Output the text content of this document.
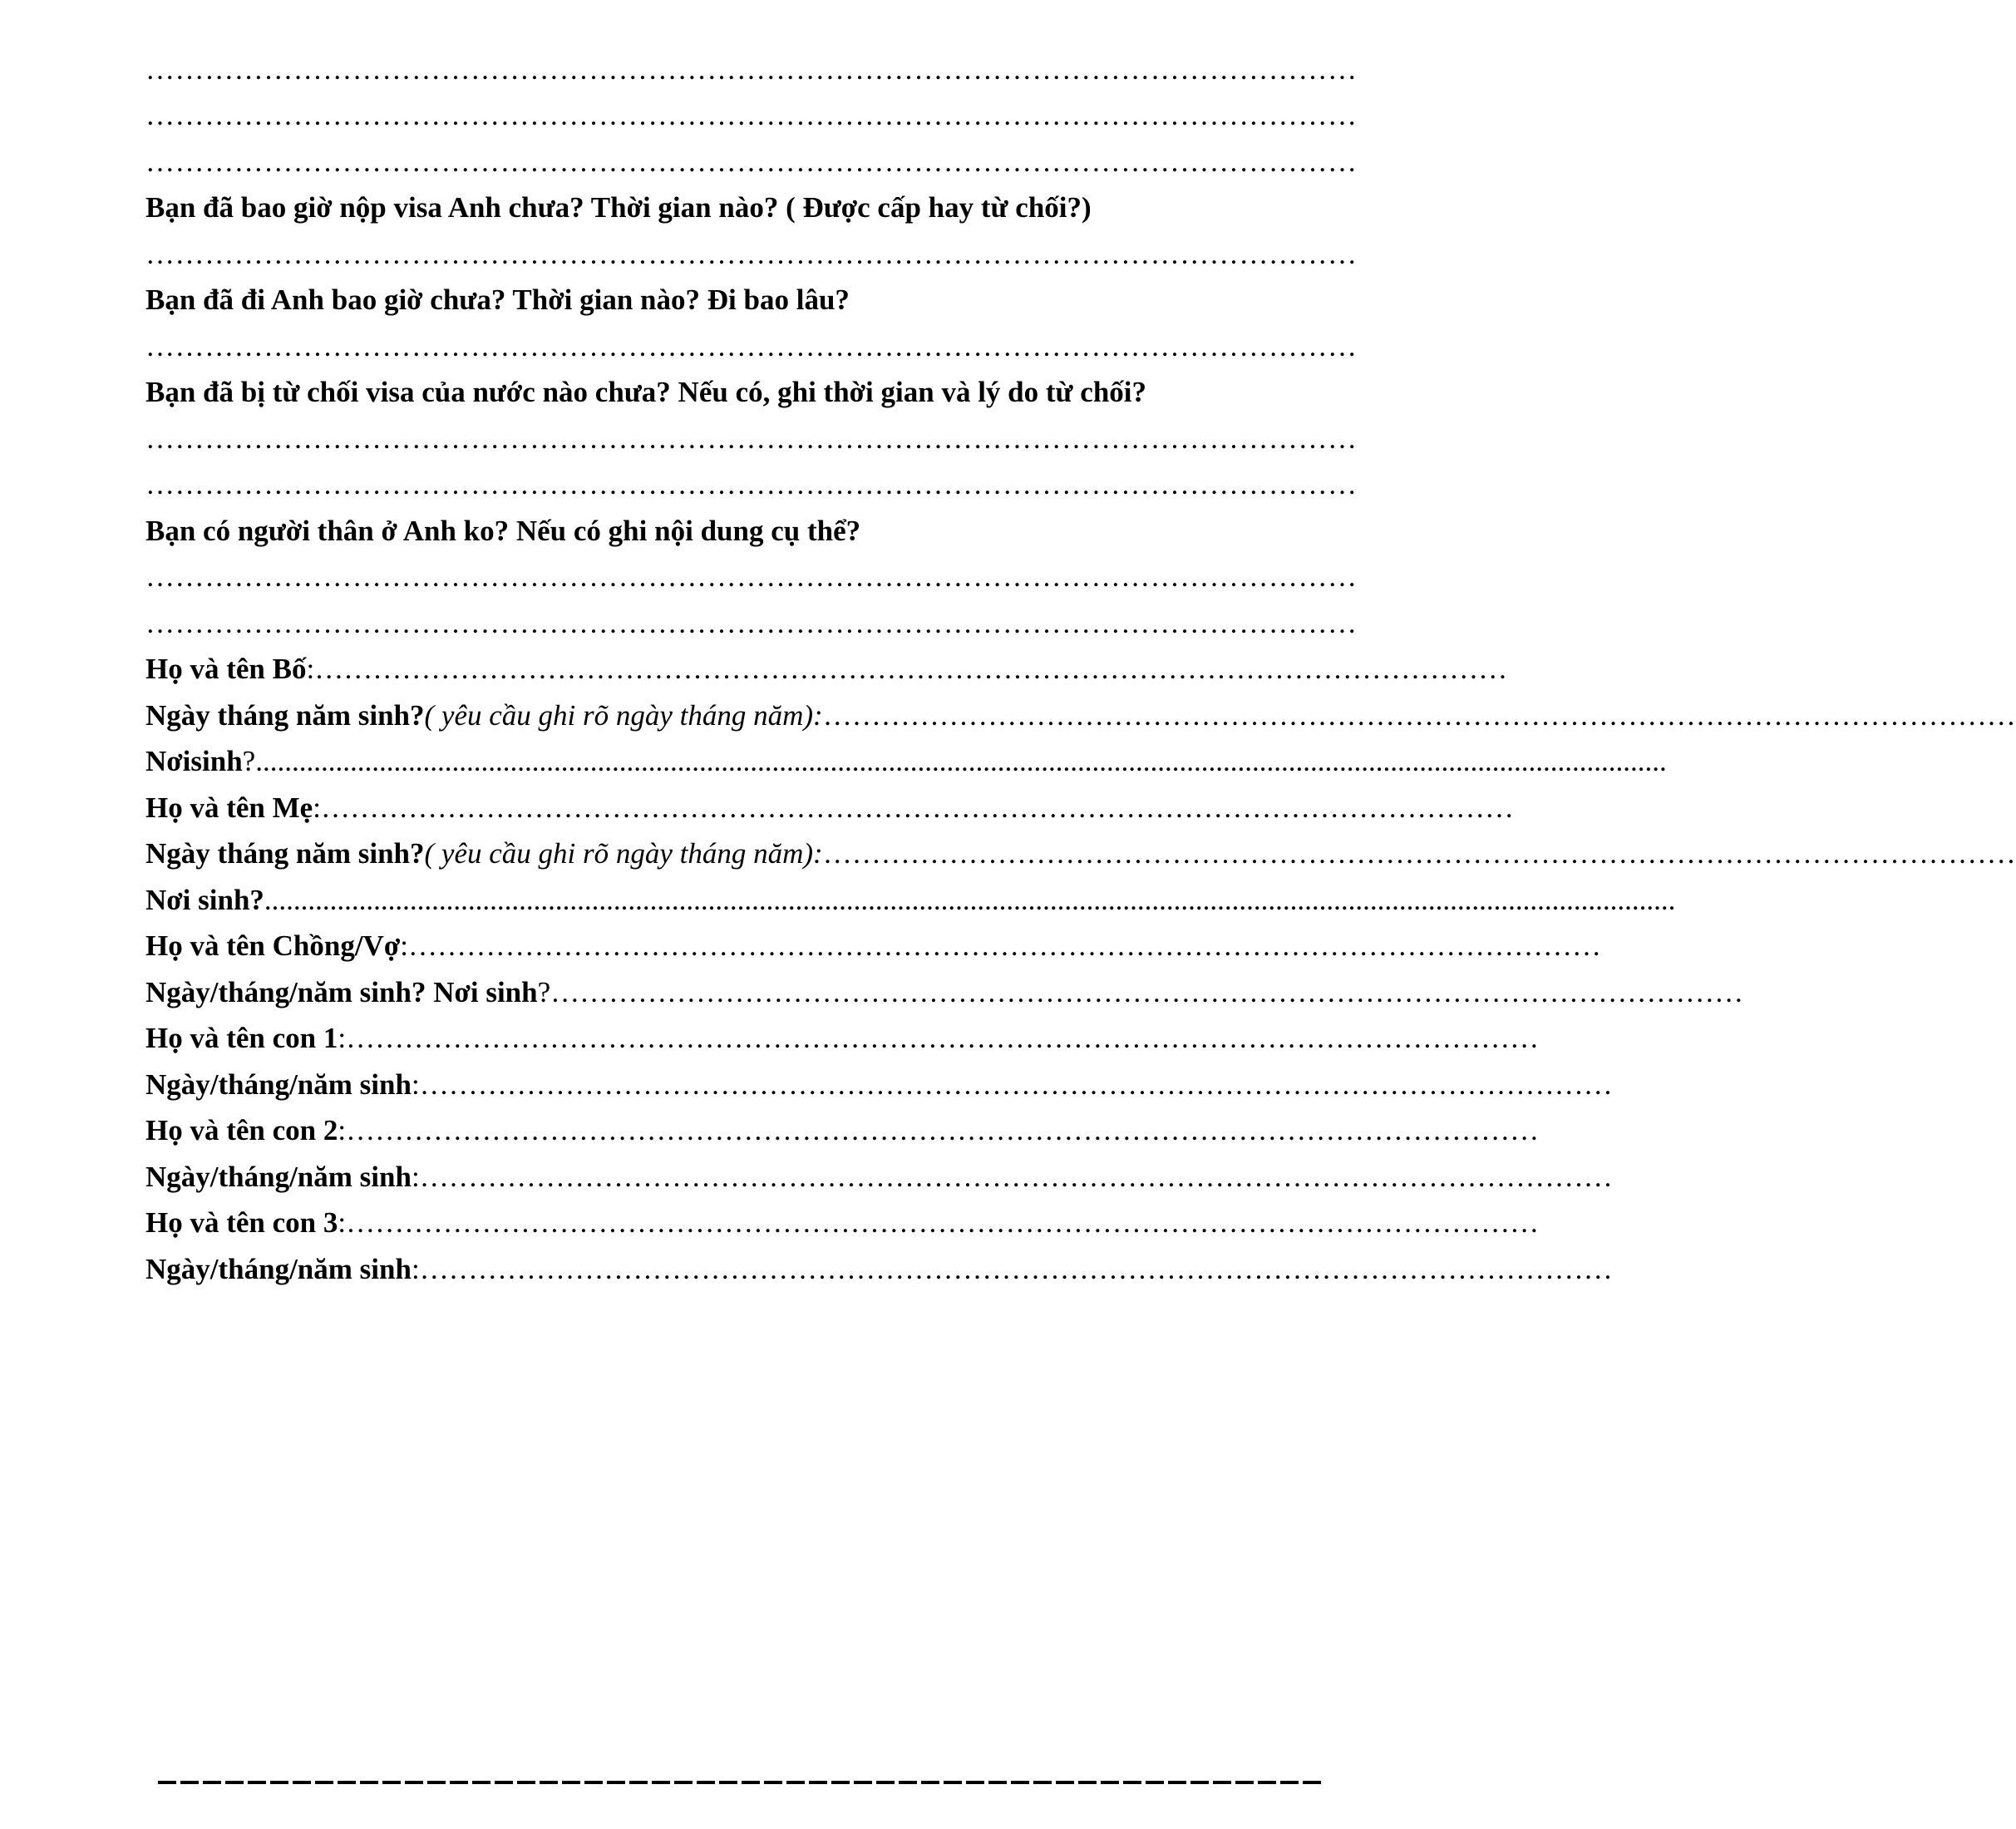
……………………………………………………………………………………………………………
……………………………………………………………………………………………………………
……………………………………………………………………………………………………………
Bạn đã bao giờ nộp visa Anh chưa? Thời gian nào? ( Được cấp hay từ chối?)
……………………………………………………………………………………………………………
Bạn đã đi Anh bao giờ chưa? Thời gian nào? Đi bao lâu?
……………………………………………………………………………………………………………
Bạn đã bị từ chối visa của nước nào chưa? Nếu có, ghi thời gian và lý do từ chối?
……………………………………………………………………………………………………………
……………………………………………………………………………………………………………
Bạn có người thân ở Anh ko? Nếu có ghi nội dung cụ thể?
……………………………………………………………………………………………………………
……………………………………………………………………………………………………………
Họ và tên Bố : ……………………………………………………………………………………………………………
Ngày tháng năm sinh? ( yêu cầu ghi rõ ngày tháng năm): ……………………………………………………………………………………………………………
Nơisinh ? ..................................................................................................................................................................................................
Họ và tên Mẹ : ……………………………………………………………………………………………………………
Ngày tháng năm sinh? ( yêu cầu ghi rõ ngày tháng năm): ……………………………………………………………………………………………………………
Nơi sinh? ..................................................................................................................................................................................................
Họ và tên Chồng/Vợ : ……………………………………………………………………………………………………………
Ngày/tháng/năm sinh? Nơi sinh ? ……………………………………………………………………………………………………………
Họ và tên con 1 : ……………………………………………………………………………………………………………
Ngày/tháng/năm sinh : ……………………………………………………………………………………………………………
Họ và tên con 2 : ……………………………………………………………………………………………………………
Ngày/tháng/năm sinh : ……………………………………………………………………………………………………………
Họ và tên con 3 : ……………………………………………………………………………………………………………
Ngày/tháng/năm sinh : ……………………………………………………………………………………………………………
